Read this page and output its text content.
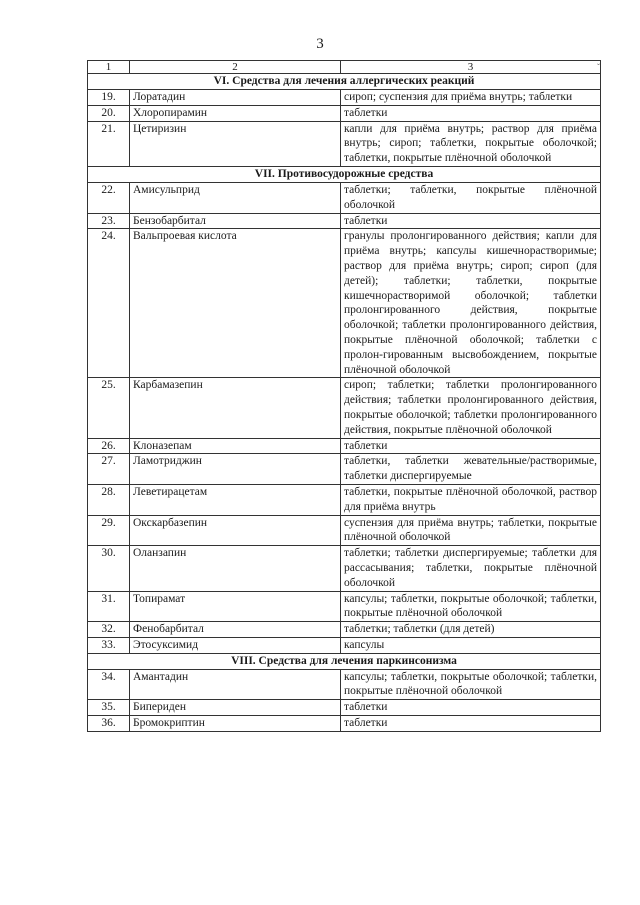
3
1	2	3
VI. Средства для лечения аллергических реакций		
19.	Лоратадин	сироп; суспензия для приёма внутрь; таблетки
20.	Хлоропирамин	таблетки
21.	Цетиризин	капли для приёма внутрь; раствор для приёма внутрь; сироп; таблетки, покрытые оболочкой; таблетки, покрытые плёночной оболочкой
VII. Противосудорожные средства		
22.	Амисульприд	таблетки; таблетки, покрытые плёночной оболочкой
23.	Бензобарбитал	таблетки
24.	Вальпроевая кислота	гранулы пролонгированного действия; капли для приёма внутрь; капсулы кишечнорастворимые; раствор для приёма внутрь; сироп; сироп (для детей); таблетки; таблетки, покрытые кишечнорастворимой оболочкой; таблетки пролонгированного действия, покрытые оболочкой; таблетки пролонгированного действия, покрытые плёночной оболочкой; таблетки с пролон-гированным высвобождением, покрытые плёночной оболочкой
25.	Карбамазепин	сироп; таблетки; таблетки пролонгированного действия; таблетки пролонгированного действия, покрытые оболочкой; таблетки пролонгированного действия, покрытые плёночной оболочкой
26.	Клоназепам	таблетки
27.	Ламотриджин	таблетки, таблетки жевательные/растворимые, таблетки диспергируемые
28.	Леветирацетам	таблетки, покрытые плёночной оболочкой, раствор для приёма внутрь
29.	Окскарбазепин	суспензия для приёма внутрь; таблетки, покрытые плёночной оболочкой
30.	Оланзапин	таблетки; таблетки диспергируемые; таблетки для рассасывания; таблетки, покрытые плёночной оболочкой
31.	Топирамат	капсулы; таблетки, покрытые оболочкой; таблетки, покрытые плёночной оболочкой
32.	Фенобарбитал	таблетки; таблетки (для детей)
33.	Этосуксимид	капсулы
VIII. Средства для лечения паркинсонизма		
34.	Амантадин	капсулы; таблетки, покрытые оболочкой; таблетки, покрытые плёночной оболочкой
35.	Бипериден	таблетки
36.	Бромокриптин	таблетки
ˇ
